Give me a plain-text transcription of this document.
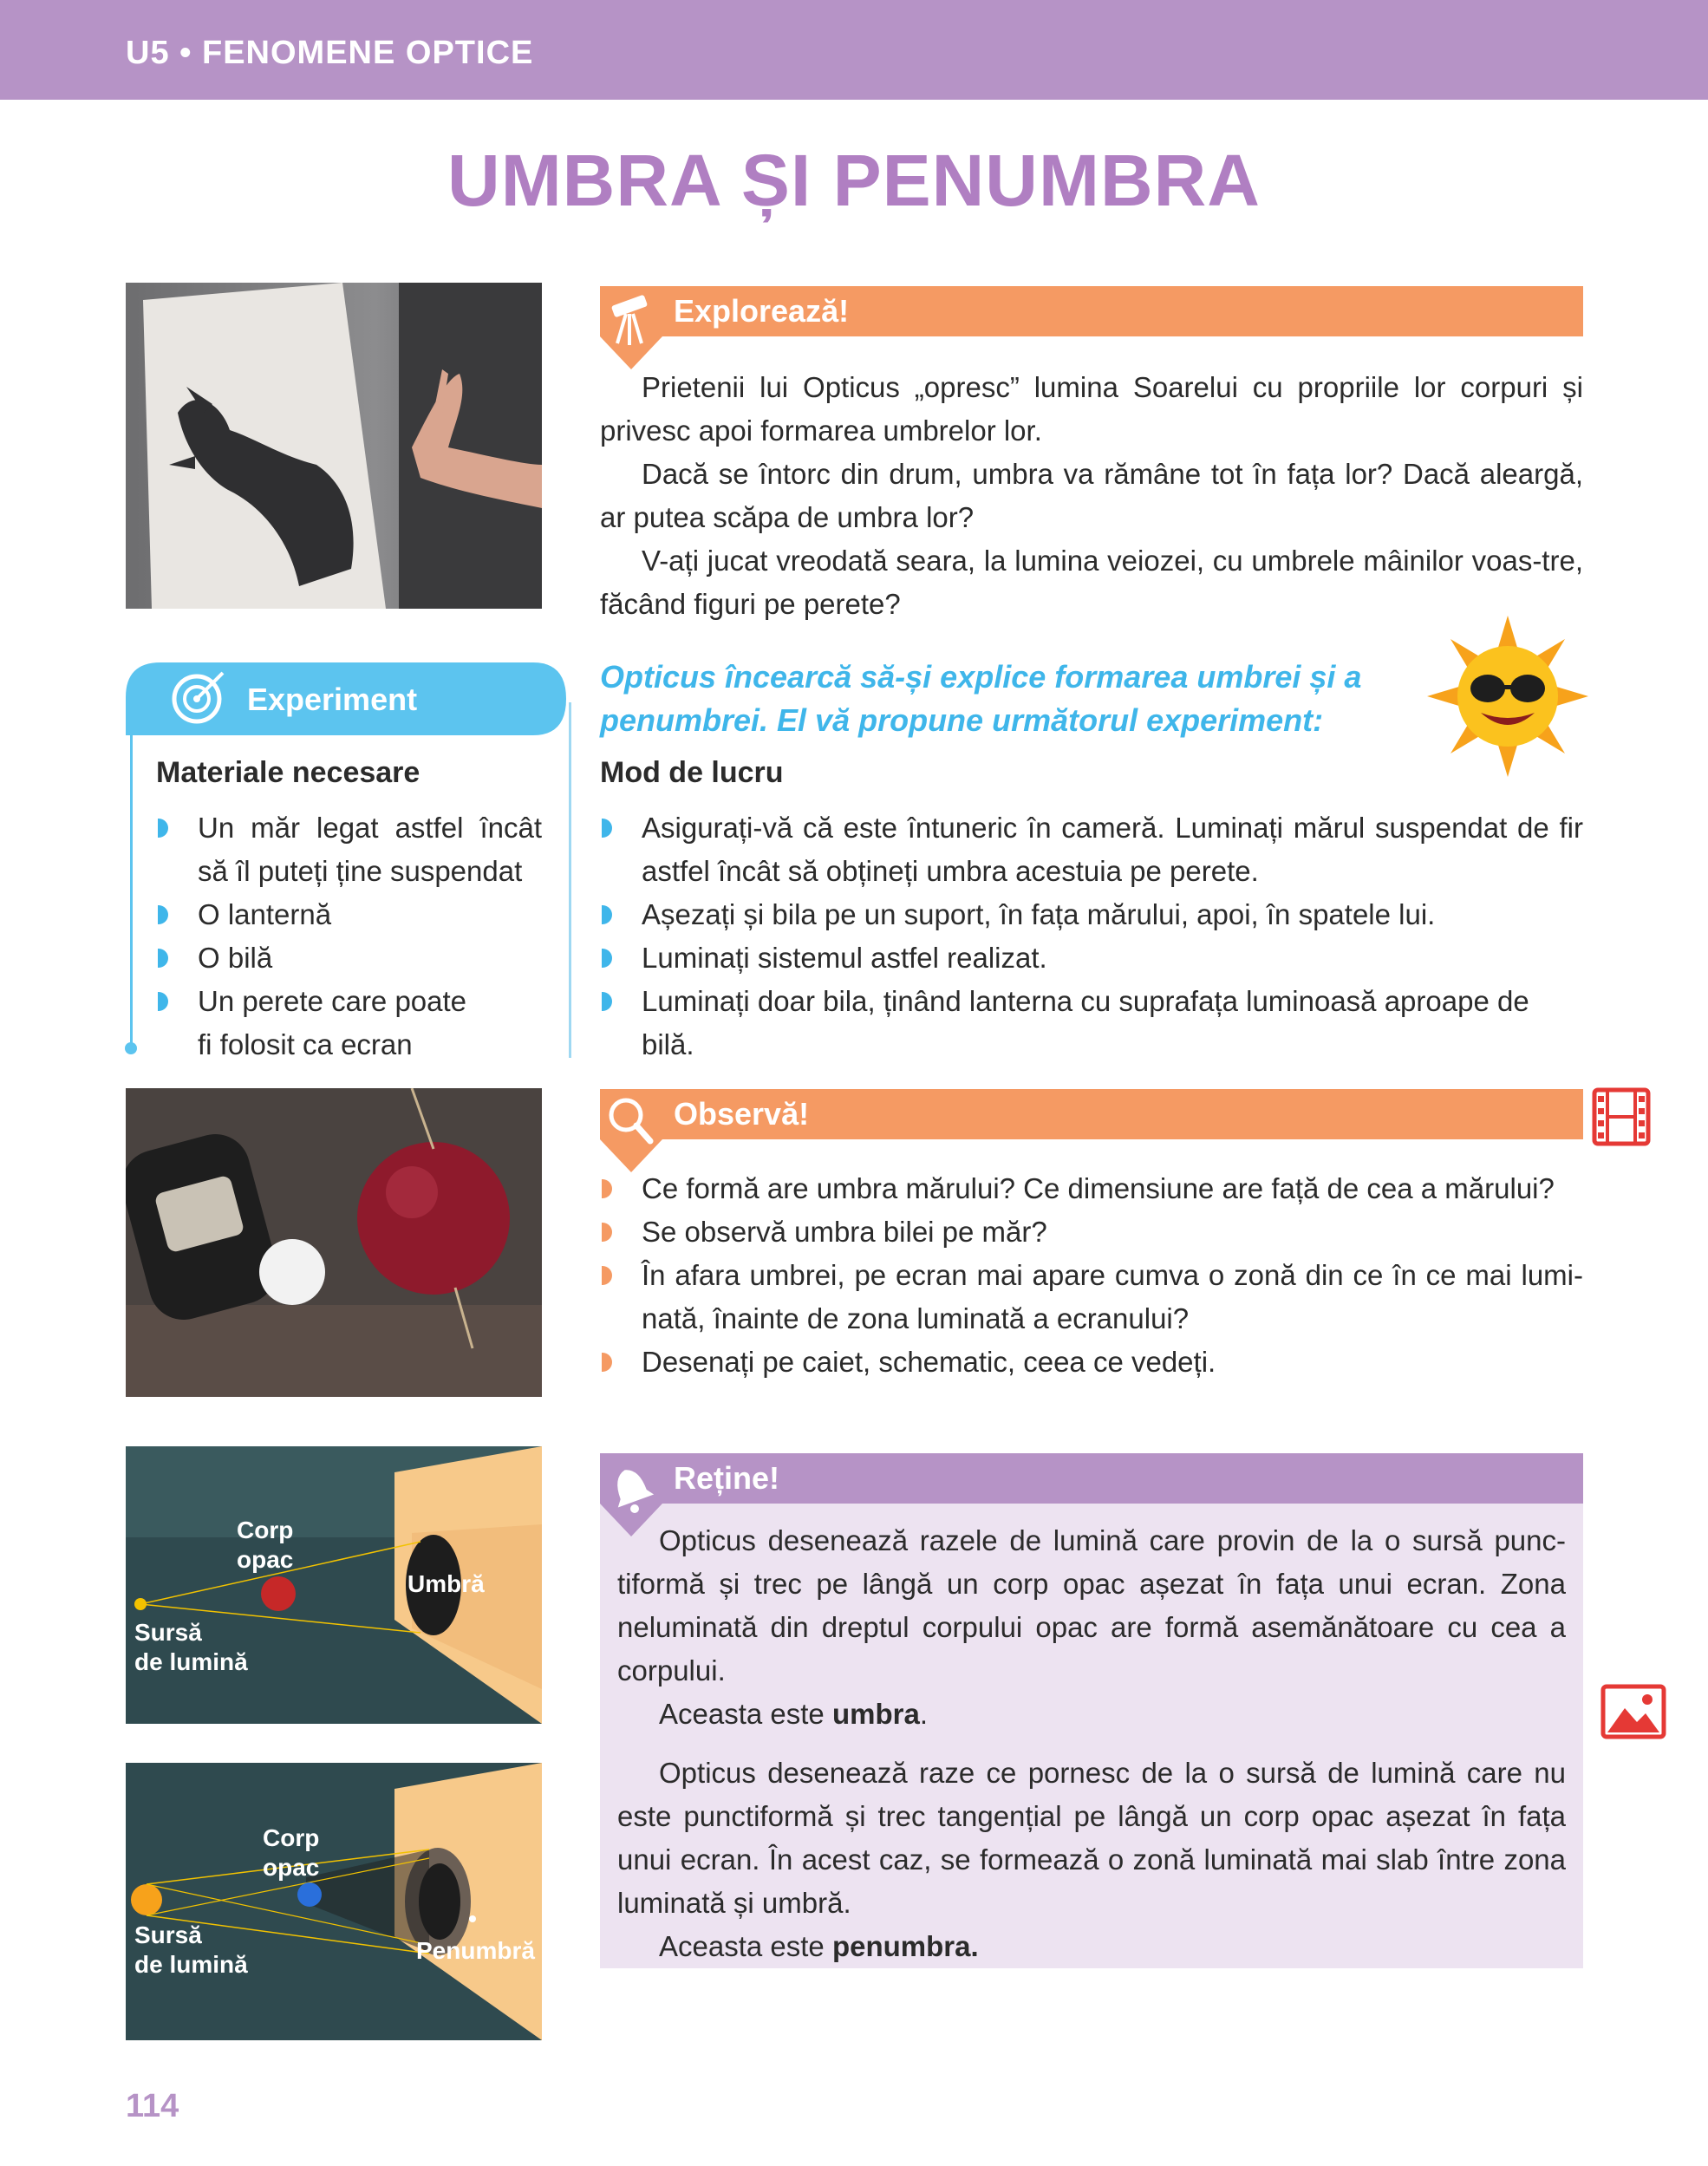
U5 • FENOMENE OPTICE
UMBRA ȘI PENUMBRA
Explorează!

Prietenii lui Opticus „opresc” lumina Soarelui cu propriile lor corpuri și privesc apoi formarea umbrelor lor.

Dacă se întorc din drum, umbra va rămâne tot în fața lor? Dacă aleargă, ar putea scăpa de umbra lor?

V-ați jucat vreodată seara, la lumina veiozei, cu umbrele mâinilor voas-tre, făcând figuri pe perete?

Experiment
Materiale necesare
Un măr legat astfel încât să îl puteți ține suspendat
O lanternă
O bilă
Un perete care poate fi folosit ca ecran
Opticus încearcă să-și explice formarea umbrei și a penumbrei. El vă propune următorul experiment:
Mod de lucru
Asigurați-vă că este întuneric în cameră. Luminați mărul suspendat de fir astfel încât să obțineți umbra acestuia pe perete.
Așezați și bila pe un suport, în fața mărului, apoi, în spatele lui.
Luminați sistemul astfel realizat.
Luminați doar bila, ținând lanterna cu suprafața luminoasă aproape de bilă.
Observă!
Ce formă are umbra mărului? Ce dimensiune are față de cea a mărului?
Se observă umbra bilei pe măr?
În afara umbrei, pe ecran mai apare cumva o zonă din ce în ce mai lumi-nată, înainte de zona luminată a ecranului?
Desenați pe caiet, schematic, ceea ce vedeți.
Corp
opac
Umbră
Sursă
de lumină
Corp
opac
Penumbră
Sursă
de lumină
Reține!

Opticus desenează razele de lumină care provin de la o sursă punc-tiformă și trec pe lângă un corp opac așezat în fața unui ecran. Zona neluminată din dreptul corpului opac are formă asemănătoare cu cea a corpului.

Aceasta este umbra.

Opticus desenează raze ce pornesc de la o sursă de lumină care nu este punctiformă și trec tangențial pe lângă un corp opac așezat în fața unui ecran. În acest caz, se formează o zonă luminată mai slab între zona luminată și umbră.

Aceasta este penumbra.

114
